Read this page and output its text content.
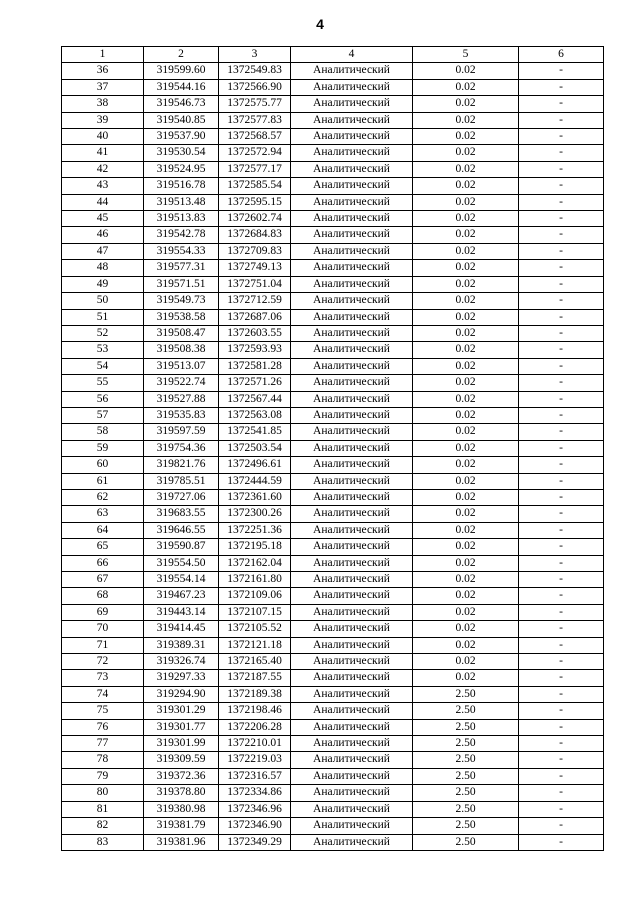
4
1	2	3	4	5	6
36	319599.60	1372549.83	Аналитический	0.02	-
37	319544.16	1372566.90	Аналитический	0.02	-
38	319546.73	1372575.77	Аналитический	0.02	-
39	319540.85	1372577.83	Аналитический	0.02	-
40	319537.90	1372568.57	Аналитический	0.02	-
41	319530.54	1372572.94	Аналитический	0.02	-
42	319524.95	1372577.17	Аналитический	0.02	-
43	319516.78	1372585.54	Аналитический	0.02	-
44	319513.48	1372595.15	Аналитический	0.02	-
45	319513.83	1372602.74	Аналитический	0.02	-
46	319542.78	1372684.83	Аналитический	0.02	-
47	319554.33	1372709.83	Аналитический	0.02	-
48	319577.31	1372749.13	Аналитический	0.02	-
49	319571.51	1372751.04	Аналитический	0.02	-
50	319549.73	1372712.59	Аналитический	0.02	-
51	319538.58	1372687.06	Аналитический	0.02	-
52	319508.47	1372603.55	Аналитический	0.02	-
53	319508.38	1372593.93	Аналитический	0.02	-
54	319513.07	1372581.28	Аналитический	0.02	-
55	319522.74	1372571.26	Аналитический	0.02	-
56	319527.88	1372567.44	Аналитический	0.02	-
57	319535.83	1372563.08	Аналитический	0.02	-
58	319597.59	1372541.85	Аналитический	0.02	-
59	319754.36	1372503.54	Аналитический	0.02	-
60	319821.76	1372496.61	Аналитический	0.02	-
61	319785.51	1372444.59	Аналитический	0.02	-
62	319727.06	1372361.60	Аналитический	0.02	-
63	319683.55	1372300.26	Аналитический	0.02	-
64	319646.55	1372251.36	Аналитический	0.02	-
65	319590.87	1372195.18	Аналитический	0.02	-
66	319554.50	1372162.04	Аналитический	0.02	-
67	319554.14	1372161.80	Аналитический	0.02	-
68	319467.23	1372109.06	Аналитический	0.02	-
69	319443.14	1372107.15	Аналитический	0.02	-
70	319414.45	1372105.52	Аналитический	0.02	-
71	319389.31	1372121.18	Аналитический	0.02	-
72	319326.74	1372165.40	Аналитический	0.02	-
73	319297.33	1372187.55	Аналитический	0.02	-
74	319294.90	1372189.38	Аналитический	2.50	-
75	319301.29	1372198.46	Аналитический	2.50	-
76	319301.77	1372206.28	Аналитический	2.50	-
77	319301.99	1372210.01	Аналитический	2.50	-
78	319309.59	1372219.03	Аналитический	2.50	-
79	319372.36	1372316.57	Аналитический	2.50	-
80	319378.80	1372334.86	Аналитический	2.50	-
81	319380.98	1372346.96	Аналитический	2.50	-
82	319381.79	1372346.90	Аналитический	2.50	-
83	319381.96	1372349.29	Аналитический	2.50	-
